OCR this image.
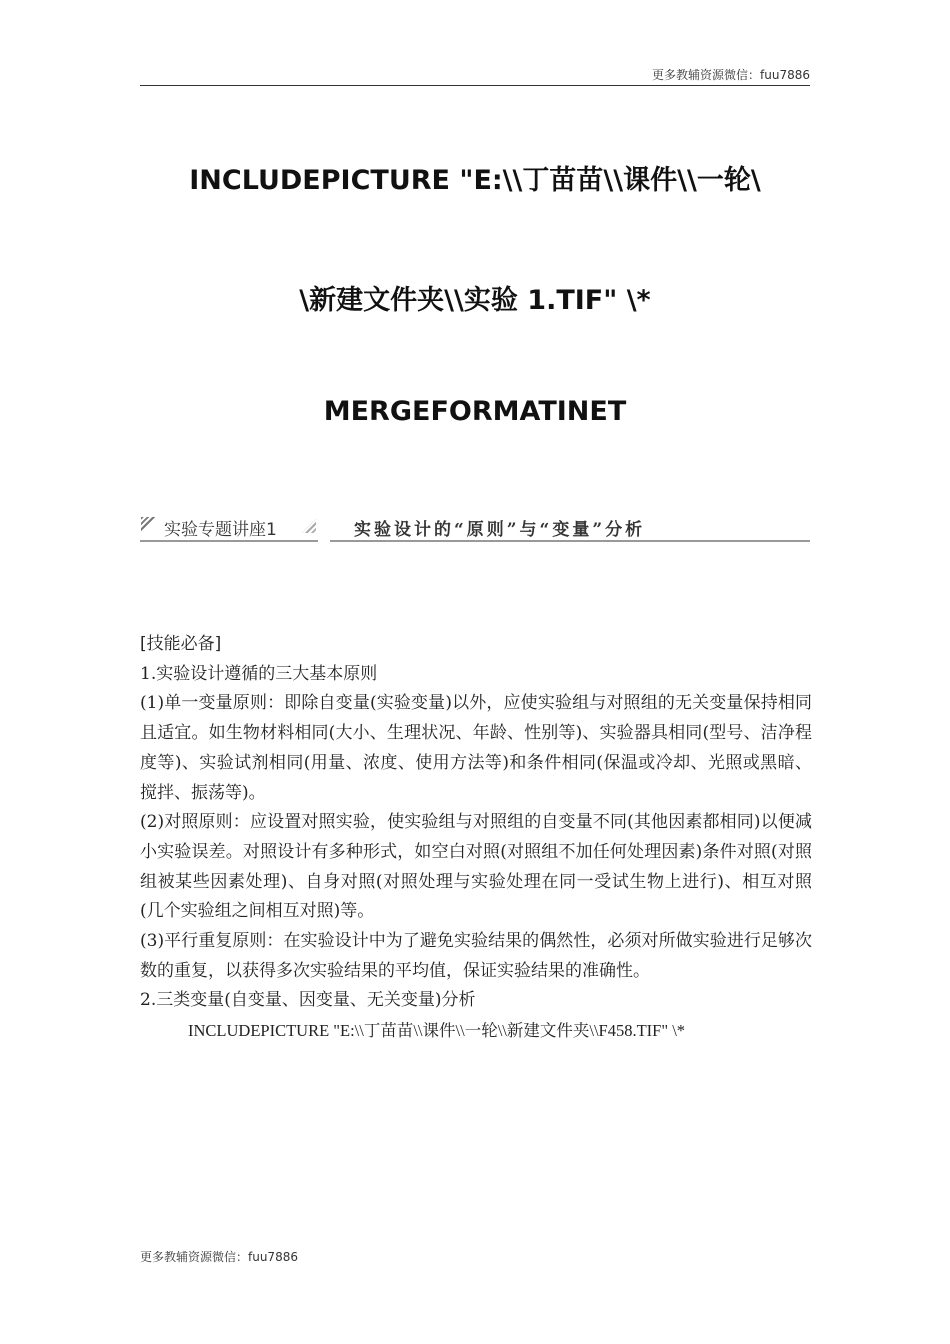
更多教辅资源微信：fuu7886
INCLUDEPICTURE "E:\\丁苗苗\\课件\\一轮\
\新建文件夹\\实验 1.TIF" \*
MERGEFORMATINET
实验专题讲座1	实验设计的“原则”与“变量”分析

[技能必备]

1.实验设计遵循的三大基本原则

(1)单一变量原则：即除自变量(实验变量)以外，应使实验组与对照组的无关变量保持相同且适宜。如生物材料相同(大小、生理状况、年龄、性别等)、实验器具相同(型号、洁净程度等)、实验试剂相同(用量、浓度、使用方法等)和条件相同(保温或冷却、光照或黑暗、搅拌、振荡等)。

(2)对照原则：应设置对照实验，使实验组与对照组的自变量不同(其他因素都相同)以便减小实验误差。对照设计有多种形式，如空白对照(对照组不加任何处理因素)条件对照(对照组被某些因素处理)、自身对照(对照处理与实验处理在同一受试生物上进行)、相互对照(几个实验组之间相互对照)等。

(3)平行重复原则：在实验设计中为了避免实验结果的偶然性，必须对所做实验进行足够次数的重复，以获得多次实验结果的平均值，保证实验结果的准确性。

2.三类变量(自变量、因变量、无关变量)分析

INCLUDEPICTURE "E:\\丁苗苗\\课件\\一轮\\新建文件夹\\F458.TIF" \*

更多教辅资源微信：fuu7886
